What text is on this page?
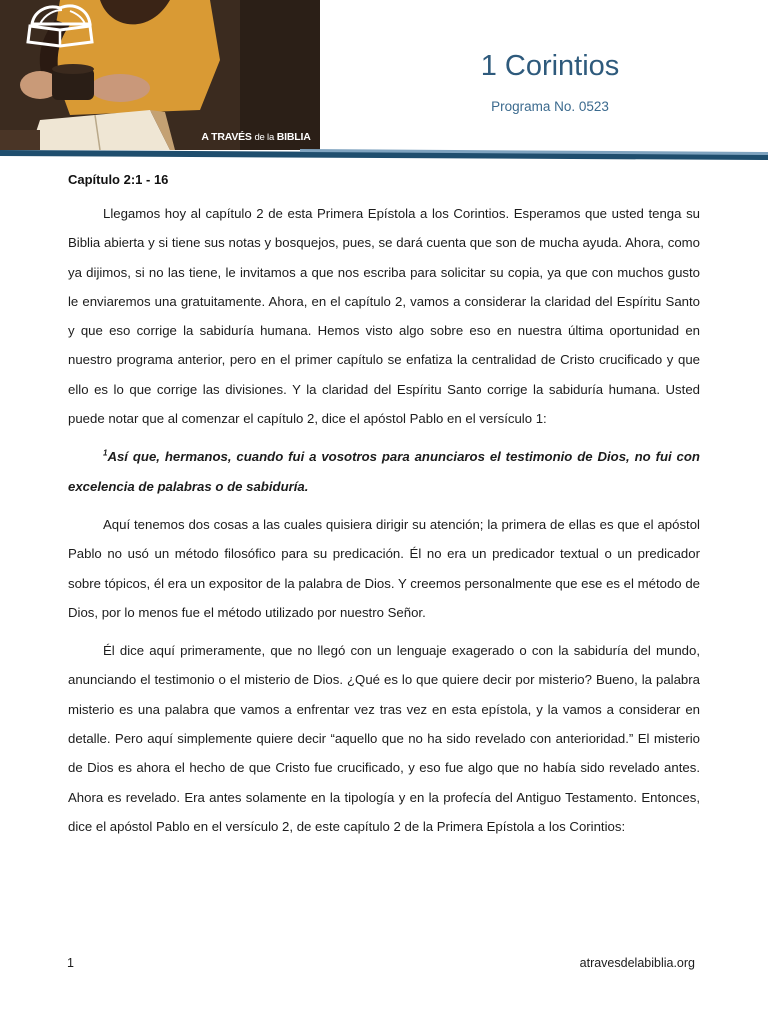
A TRAVÉS de la BIBLIA
1 Corintios
Programa No. 0523

Capítulo 2:1 - 16

Llegamos hoy al capítulo 2 de esta Primera Epístola a los Corintios. Esperamos que usted tenga su Biblia abierta y si tiene sus notas y bosquejos, pues, se dará cuenta que son de mucha ayuda. Ahora, como ya dijimos, si no las tiene, le invitamos a que nos escriba para solicitar su copia, ya que con muchos gusto le enviaremos una gratuitamente. Ahora, en el capítulo 2, vamos a considerar la claridad del Espíritu Santo y que eso corrige la sabiduría humana. Hemos visto algo sobre eso en nuestra última oportunidad en nuestro programa anterior, pero en el primer capítulo se enfatiza la centralidad de Cristo crucificado y que ello es lo que corrige las divisiones. Y la claridad del Espíritu Santo corrige la sabiduría humana. Usted puede notar que al comenzar el capítulo 2, dice el apóstol Pablo en el versículo 1:

$^1$Así que, hermanos, cuando fui a vosotros para anunciaros el testimonio de Dios, no fui con excelencia de palabras o de sabiduría.

Aquí tenemos dos cosas a las cuales quisiera dirigir su atención; la primera de ellas es que el apóstol Pablo no usó un método filosófico para su predicación. Él no era un predicador textual o un predicador sobre tópicos, él era un expositor de la palabra de Dios. Y creemos personalmente que ese es el método de Dios, por lo menos fue el método utilizado por nuestro Señor.

Él dice aquí primeramente, que no llegó con un lenguaje exagerado o con la sabiduría del mundo, anunciando el testimonio o el misterio de Dios. ¿Qué es lo que quiere decir por misterio? Bueno, la palabra misterio es una palabra que vamos a enfrentar vez tras vez en esta epístola, y la vamos a considerar en detalle. Pero aquí simplemente quiere decir “aquello que no ha sido revelado con anterioridad.” El misterio de Dios es ahora el hecho de que Cristo fue crucificado, y eso fue algo que no había sido revelado antes. Ahora es revelado. Era antes solamente en la tipología y en la profecía del Antiguo Testamento. Entonces, dice el apóstol Pablo en el versículo 2, de este capítulo 2 de la Primera Epístola a los Corintios:

1	atravesdelabiblia.org
